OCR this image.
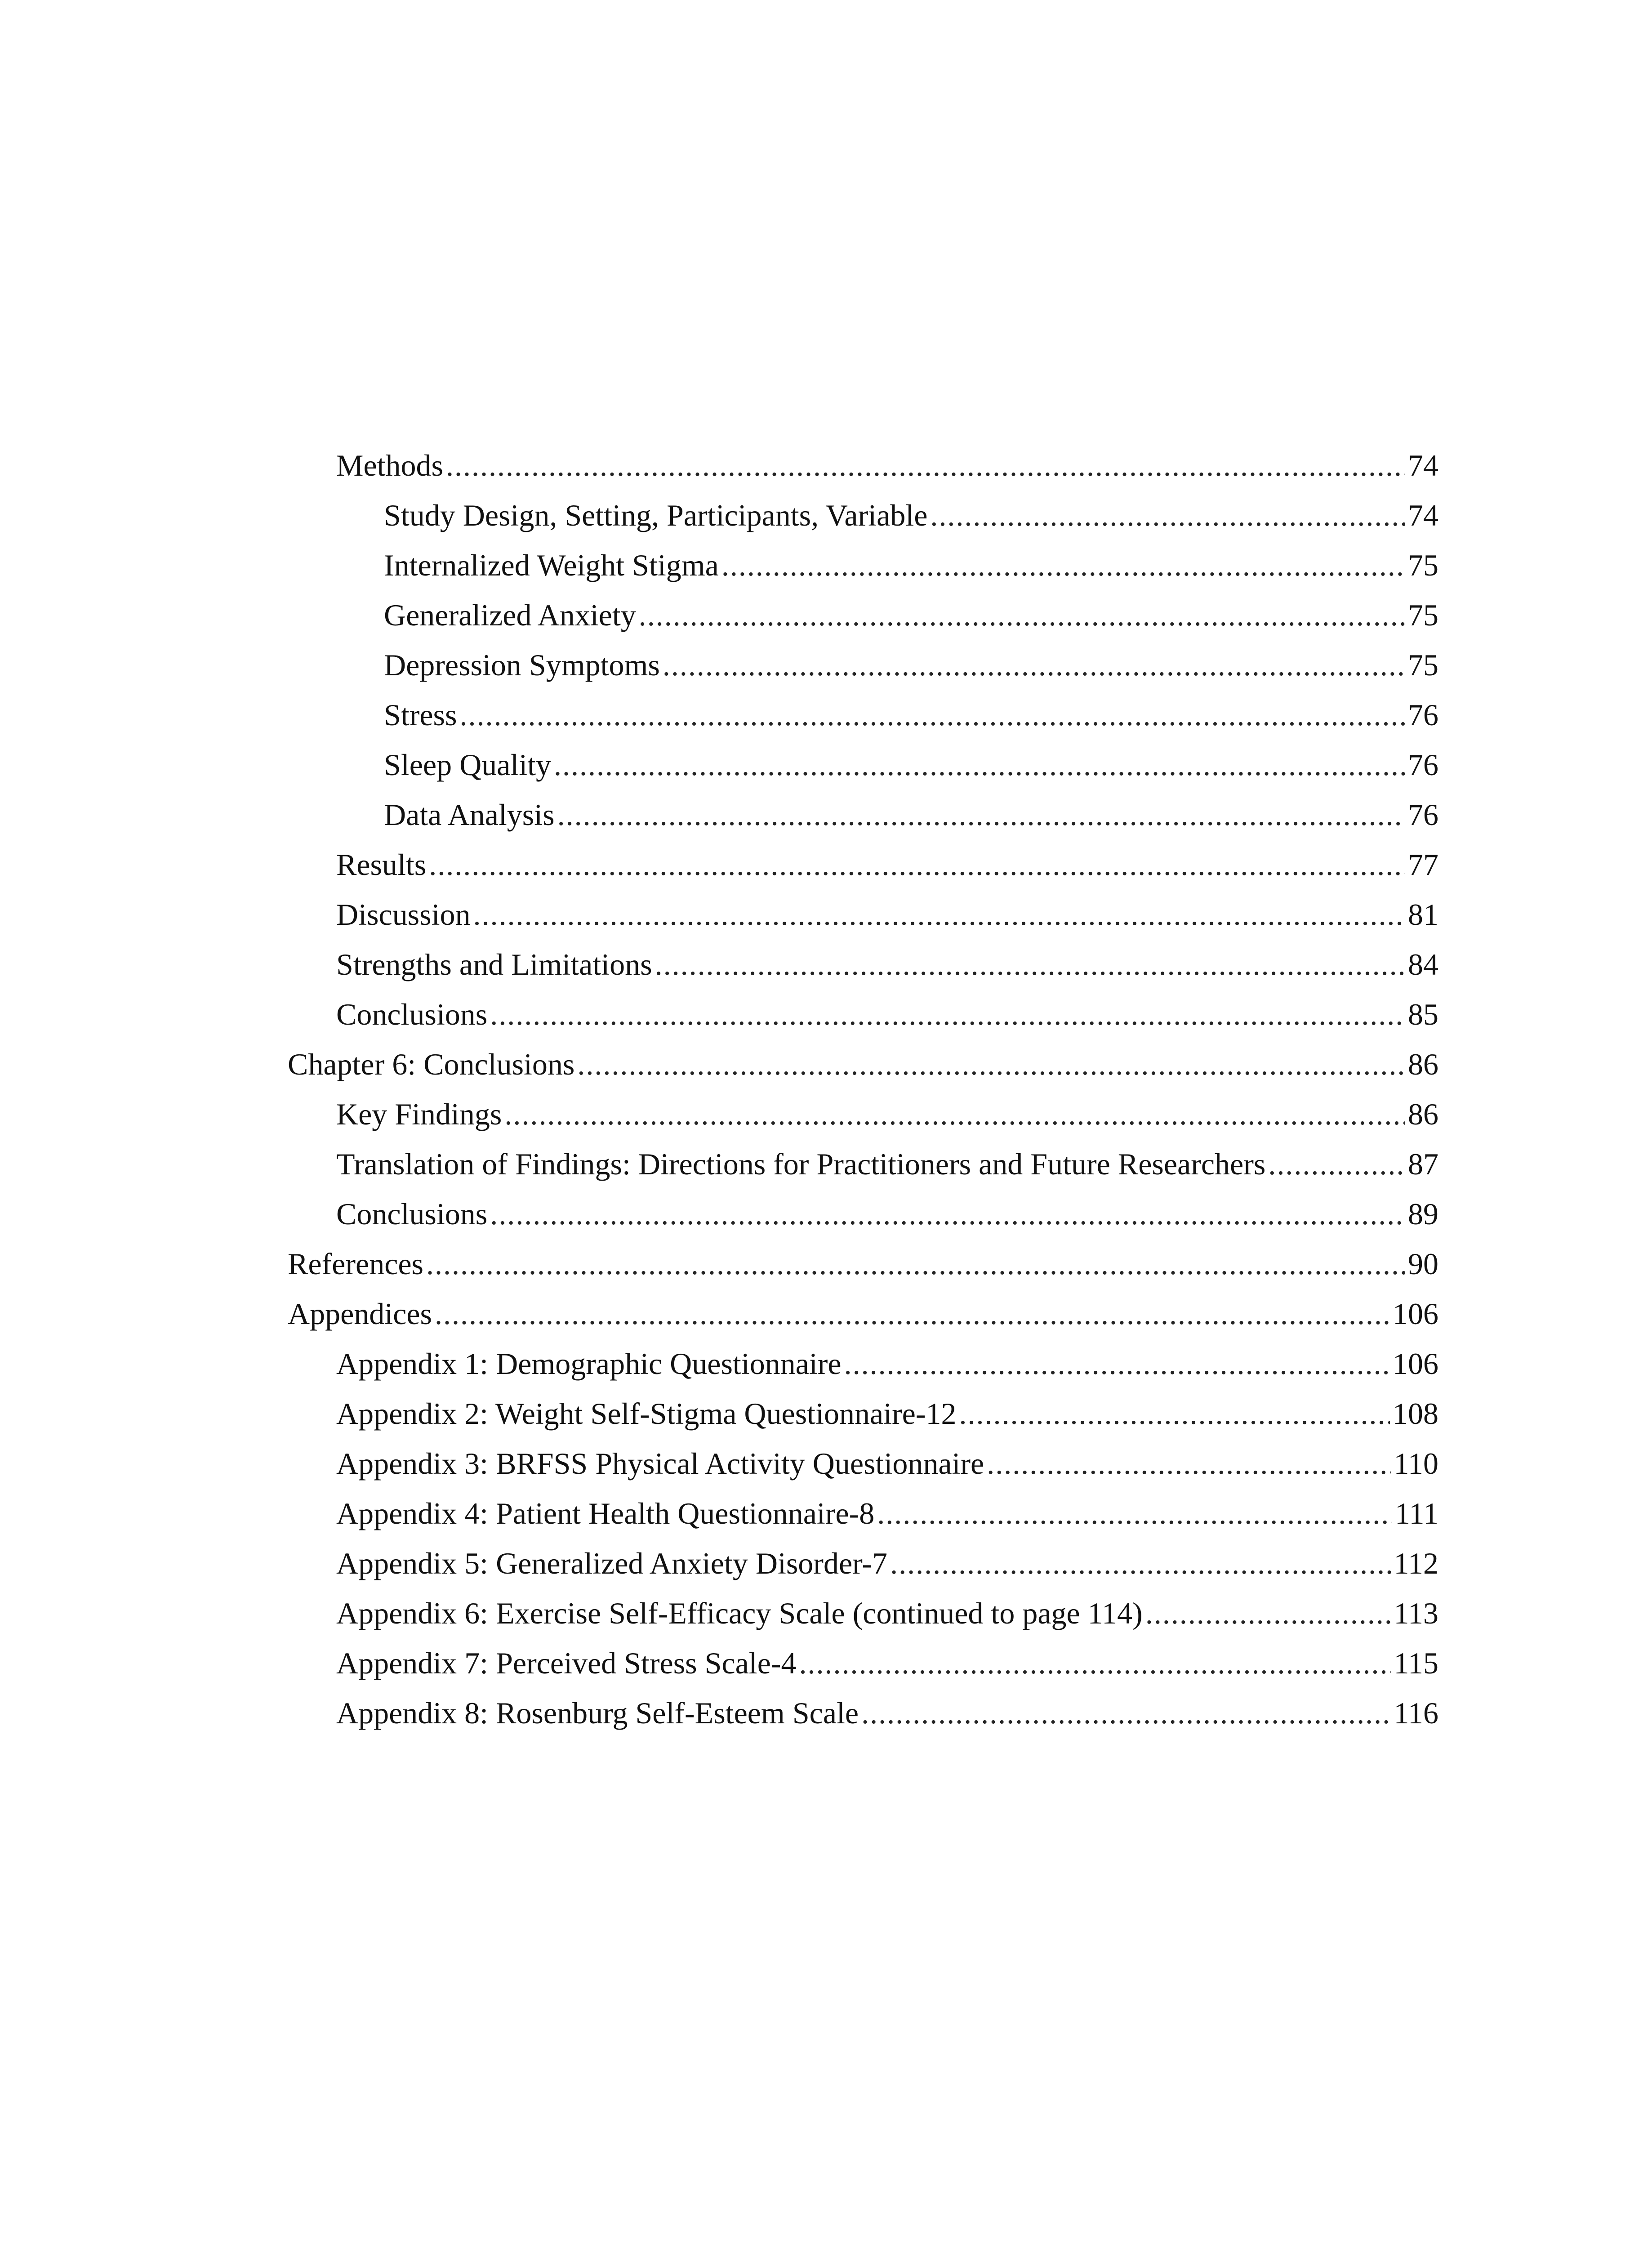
Methods .....	74
Study Design, Setting, Participants, Variable .....	74
Internalized Weight Stigma .....	75
Generalized Anxiety .....	75
Depression Symptoms .....	75
Stress .....	76
Sleep Quality .....	76
Data Analysis .....	76
Results .....	77
Discussion .....	81
Strengths and Limitations .....	84
Conclusions .....	85
Chapter 6: Conclusions .....	86
Key Findings .....	86
Translation of Findings: Directions for Practitioners and Future Researchers .....	87
Conclusions .....	89
References .....	90
Appendices .....	106
Appendix 1: Demographic Questionnaire .....	106
Appendix 2: Weight Self-Stigma Questionnaire-12 .....	108
Appendix 3: BRFSS Physical Activity Questionnaire .....	110
Appendix 4: Patient Health Questionnaire-8 .....	111
Appendix 5: Generalized Anxiety Disorder-7 .....	112
Appendix 6: Exercise Self-Efficacy Scale (continued to page 114) .....	113
Appendix 7: Perceived Stress Scale-4 .....	115
Appendix 8: Rosenburg Self-Esteem Scale .....	116
